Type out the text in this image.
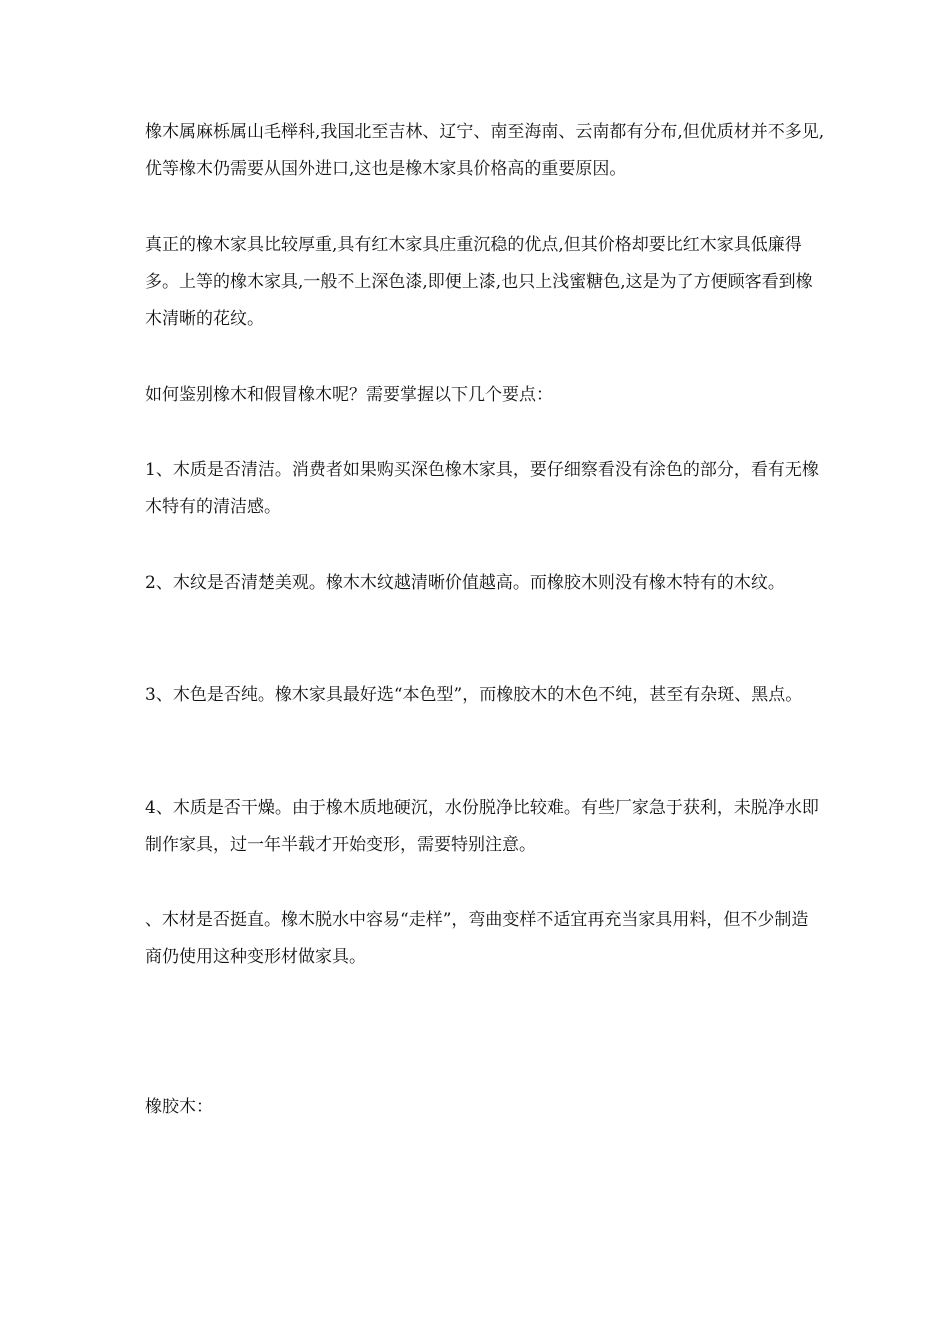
橡木属麻栎属山毛榉科,我国北至吉林、辽宁、南至海南、云南都有分布,但优质材并不多见,优等橡木仍需要从国外进口,这也是橡木家具价格高的重要原因。

真正的橡木家具比较厚重,具有红木家具庄重沉稳的优点,但其价格却要比红木家具低廉得多。上等的橡木家具,一般不上深色漆,即便上漆,也只上浅蜜糖色,这是为了方便顾客看到橡木清晰的花纹。

如何鉴别橡木和假冒橡木呢？需要掌握以下几个要点：

1、木质是否清洁。消费者如果购买深色橡木家具，要仔细察看没有涂色的部分，看有无橡木特有的清洁感。

2、木纹是否清楚美观。橡木木纹越清晰价值越高。而橡胶木则没有橡木特有的木纹。

3、木色是否纯。橡木家具最好选“本色型”，而橡胶木的木色不纯，甚至有杂斑、黑点。

4、木质是否干燥。由于橡木质地硬沉，水份脱净比较难。有些厂家急于获利，未脱净水即制作家具，过一年半载才开始变形，需要特别注意。

、木材是否挺直。橡木脱水中容易“走样”，弯曲变样不适宜再充当家具用料，但不少制造商仍使用这种变形材做家具。

橡胶木：
